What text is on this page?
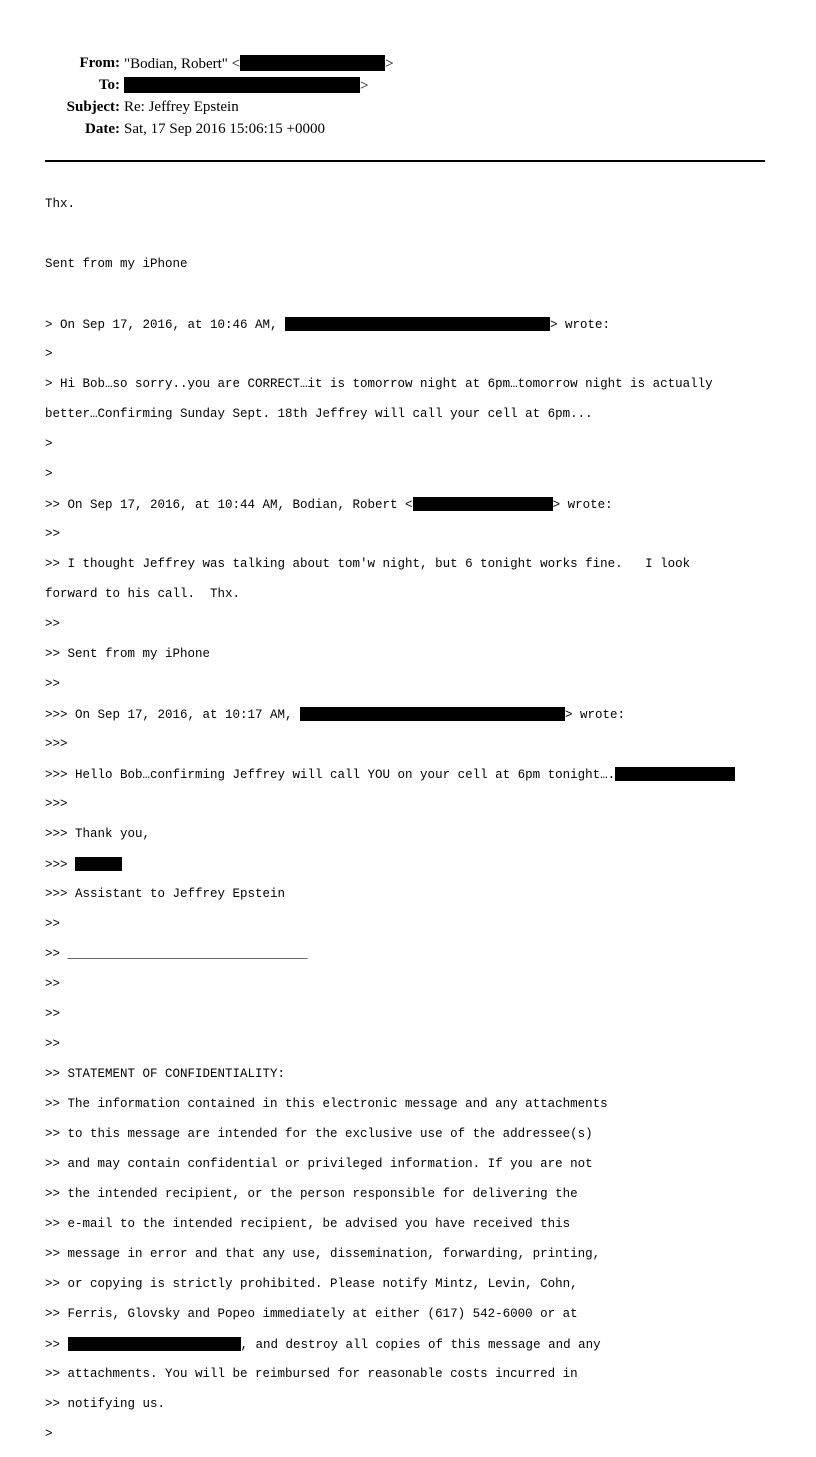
From: "Bodian, Robert" <	>
To:	>
Subject: Re: Jeffrey Epstein
Date: Sat, 17 Sep 2016 15:06:15 +0000

Thx.

Sent from my iPhone

> On Sep 17, 2016, at 10:46 AM,	> wrote:

>

> Hi Bob…so sorry..you are CORRECT…it is tomorrow night at 6pm…tomorrow night is actually

better…Confirming Sunday Sept. 18th Jeffrey will call your cell at 6pm...

>

>

>> On Sep 17, 2016, at 10:44 AM, Bodian, Robert <	> wrote:

>>

>> I thought Jeffrey was talking about tom'w night, but 6 tonight works fine.   I look

forward to his call.  Thx.

>>

>> Sent from my iPhone

>>

>>> On Sep 17, 2016, at 10:17 AM,	> wrote:

>>>

>>> Hello Bob…confirming Jeffrey will call YOU on your cell at 6pm tonight….

>>>

>>> Thank you,

>>>

>>> Assistant to Jeffrey Epstein

>>

>> ________________________________

>>

>>

>>

>> STATEMENT OF CONFIDENTIALITY:

>> The information contained in this electronic message and any attachments

>> to this message are intended for the exclusive use of the addressee(s)

>> and may contain confidential or privileged information. If you are not

>> the intended recipient, or the person responsible for delivering the

>> e-mail to the intended recipient, be advised you have received this

>> message in error and that any use, dissemination, forwarding, printing,

>> or copying is strictly prohibited. Please notify Mintz, Levin, Cohn,

>> Ferris, Glovsky and Popeo immediately at either (617) 542-6000 or at

>>	, and destroy all copies of this message and any

>> attachments. You will be reimbursed for reasonable costs incurred in

>> notifying us.

>
